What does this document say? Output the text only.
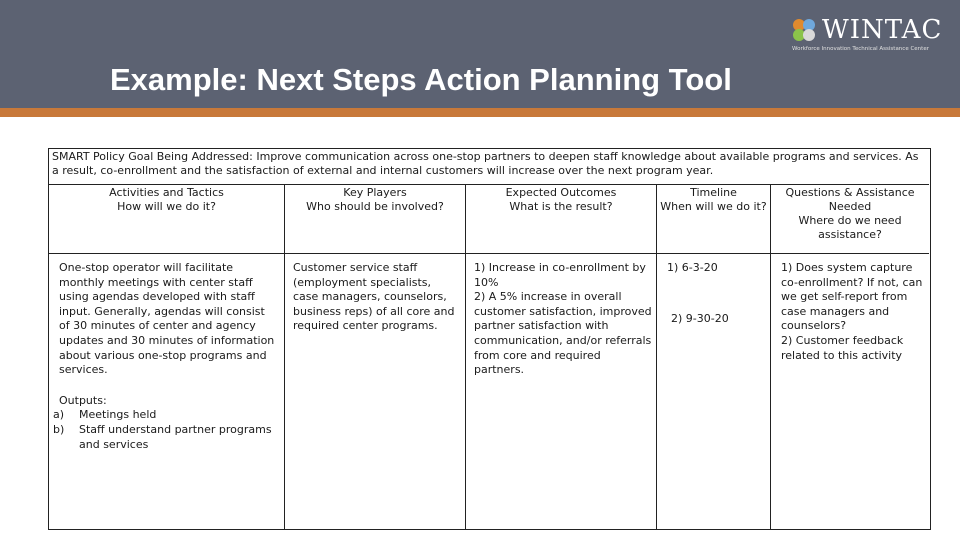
WINTAC
Workforce Innovation Technical Assistance Center
Example: Next Steps Action Planning Tool
SMART Policy Goal Being Addressed: Improve communication across one-stop partners to deepen staff knowledge about available programs and services. As a result, co-enrollment and the satisfaction of external and internal customers will increase over the next program year.
Activities and Tactics
How will we do it?

One-stop operator will facilitate monthly meetings with center staff using agendas developed with staff input. Generally, agendas will consist of 30 minutes of center and agency updates and 30 minutes of information about various one-stop programs and services.

Outputs:

a)	Meetings held
b)	Staff understand partner programs and services
Key Players
Who should be involved?

Customer service staff (employment specialists, case managers, counselors, business reps) of all core and required center programs.

Expected Outcomes
What is the result?

1) Increase in co-enrollment by 10%

2) A 5% increase in overall customer satisfaction, improved partner satisfaction with communication, and/or referrals from core and required partners.

Timeline
When will we do it?

1) 6-3-20

2) 9-30-20

Questions & Assistance Needed
Where do we need assistance?

1) Does system capture co-enrollment? If not, can we get self-report from case managers and counselors?

2) Customer feedback related to this activity
